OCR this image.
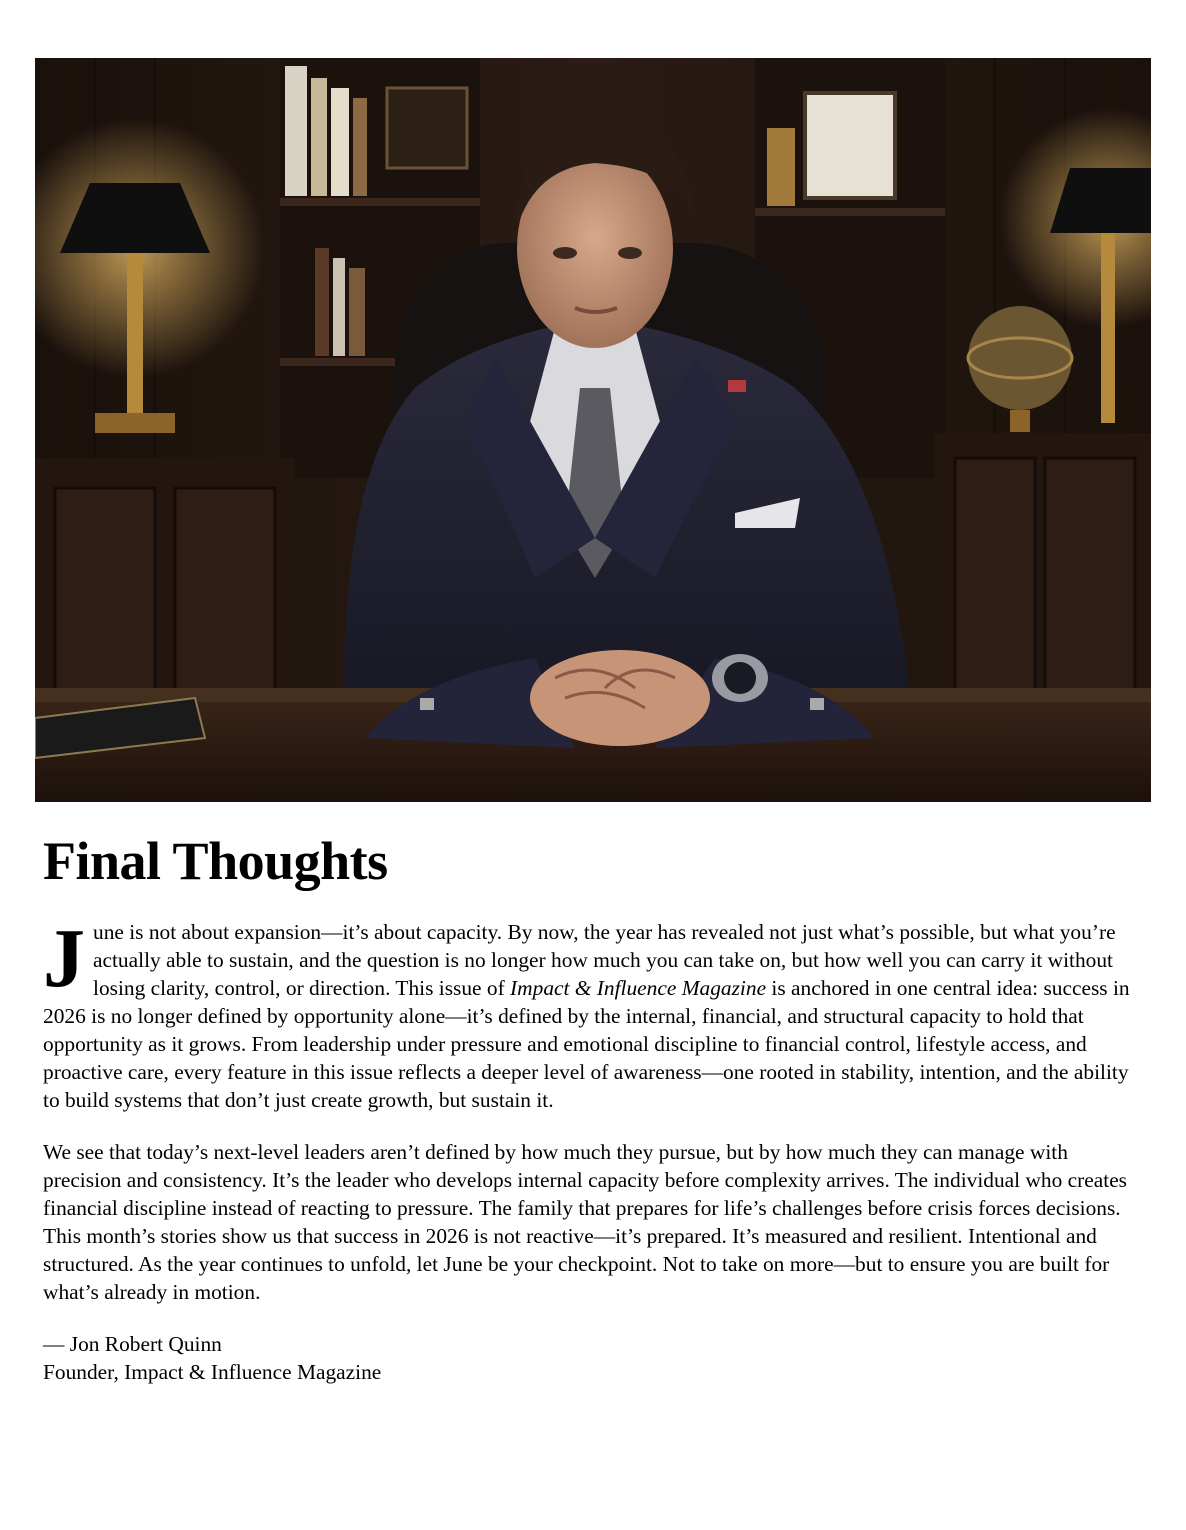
Final Thoughts

June is not about expansion—it’s about capacity. By now, the year has revealed not just what’s possible, but what you’re actually able to sustain, and the question is no longer how much you can take on, but how well you can carry it without losing clarity, control, or direction. This issue of Impact & Influence Magazine is anchored in one central idea: success in 2026 is no longer defined by opportunity alone—it’s defined by the internal, financial, and structural capacity to hold that opportunity as it grows. From leadership under pressure and emotional discipline to financial control, lifestyle access, and proactive care, every feature in this issue reflects a deeper level of awareness—one rooted in stability, intention, and the ability to build systems that don’t just create growth, but sustain it.

We see that today’s next-level leaders aren’t defined by how much they pursue, but by how much they can manage with precision and consistency. It’s the leader who develops internal capacity before complexity arrives. The individual who creates financial discipline instead of reacting to pressure. The family that prepares for life’s challenges before crisis forces decisions. This month’s stories show us that success in 2026 is not reactive—it’s prepared. It’s measured and resilient. Intentional and structured. As the year continues to unfold, let June be your checkpoint. Not to take on more—but to ensure you are built for what’s already in motion.

— Jon Robert Quinn
Founder, Impact & Influence Magazine
